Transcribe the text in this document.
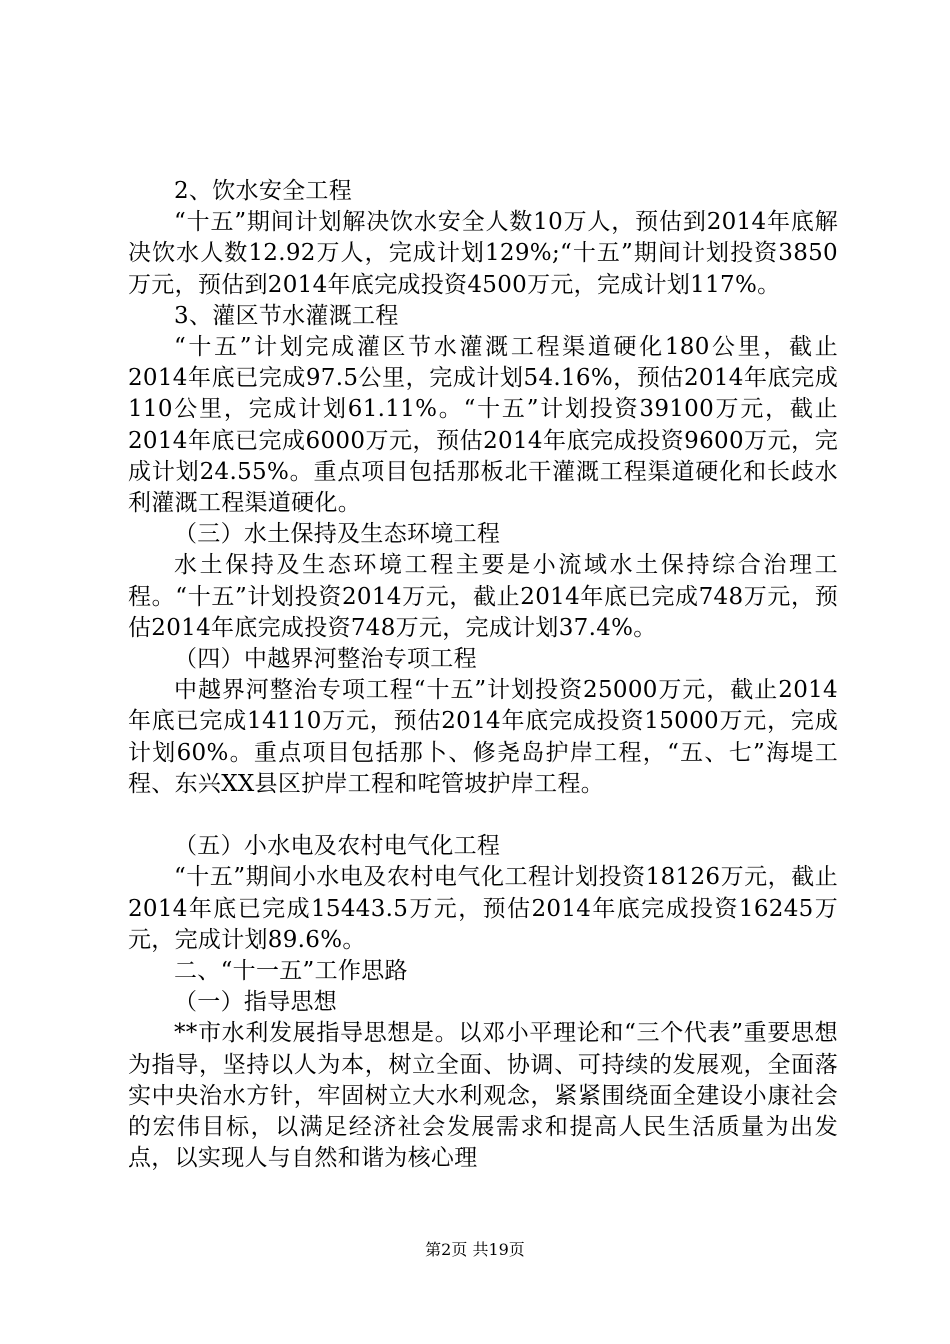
2、饮水安全工程

“十五”期间计划解决饮水安全人数10万人，预估到2014年底解决饮水人数12.92万人，完成计划129%;“十五”期间计划投资3850万元，预估到2014年底完成投资4500万元，完成计划117%。

3、灌区节水灌溉工程

“十五”计划完成灌区节水灌溉工程渠道硬化180公里，截止2014年底已完成97.5公里，完成计划54.16%，预估2014年底完成110公里，完成计划61.11%。“十五”计划投资39100万元，截止2014年底已完成6000万元，预估2014年底完成投资9600万元，完成计划24.55%。重点项目包括那板北干灌溉工程渠道硬化和长歧水利灌溉工程渠道硬化。

（三）水土保持及生态环境工程

水土保持及生态环境工程主要是小流域水土保持综合治理工程。“十五”计划投资2014万元，截止2014年底已完成748万元，预估2014年底完成投资748万元，完成计划37.4%。

（四）中越界河整治专项工程

中越界河整治专项工程“十五”计划投资25000万元，截止2014年底已完成14110万元，预估2014年底完成投资15000万元，完成计划60%。重点项目包括那卜、修尧岛护岸工程，“五、七”海堤工程、东兴XX县区护岸工程和咤管坡护岸工程。

（五）小水电及农村电气化工程

“十五”期间小水电及农村电气化工程计划投资18126万元，截止2014年底已完成15443.5万元，预估2014年底完成投资16245万元，完成计划89.6%。

二、“十一五”工作思路

（一）指导思想

**市水利发展指导思想是。以邓小平理论和“三个代表”重要思想为指导，坚持以人为本，树立全面、协调、可持续的发展观，全面落实中央治水方针，牢固树立大水利观念，紧紧围绕面全建设小康社会的宏伟目标，以满足经济社会发展需求和提高人民生活质量为出发点，以实现人与自然和谐为核心理

第2页 共19页
